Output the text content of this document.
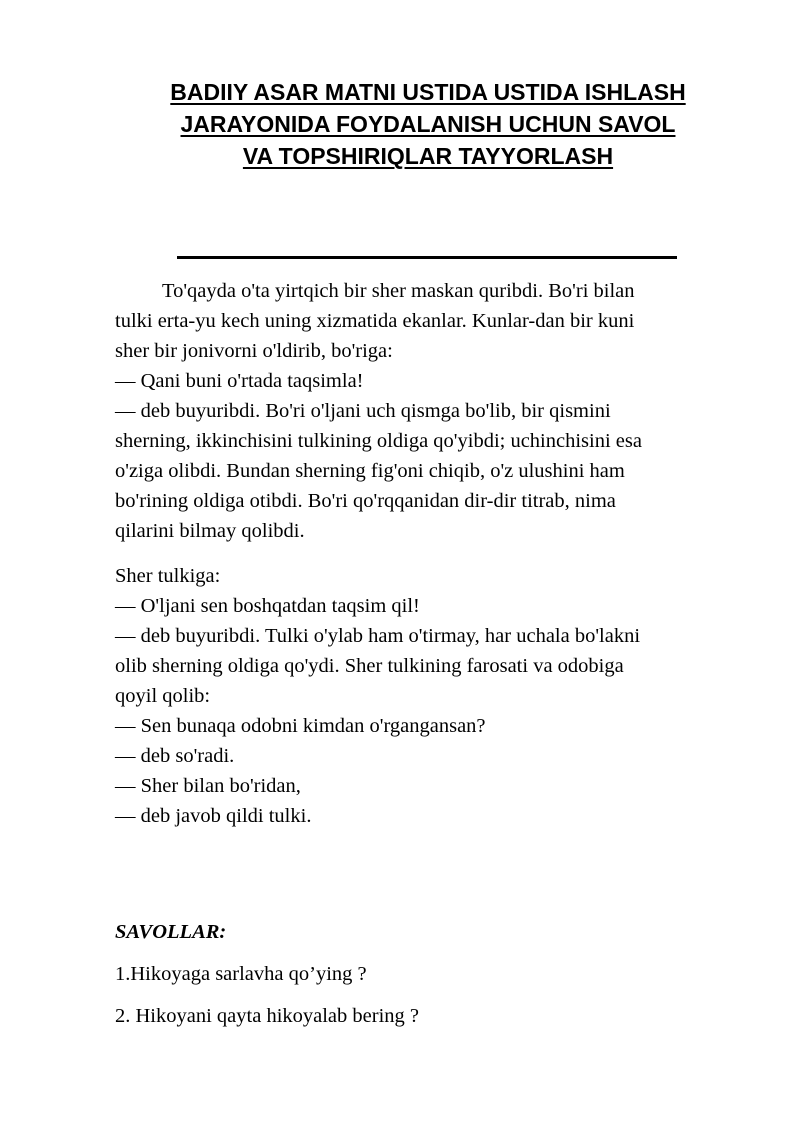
BADIIY ASAR MATNI USTIDA USTIDA ISHLASH
JARAYONIDA FOYDALANISH UCHUN SAVOL
VA TOPSHIRIQLAR TAYYORLASH

To'qayda o'ta yirtqich bir sher maskan quribdi. Bo'ri bilan
tulki erta-yu kech uning xizmatida ekanlar. Kunlar-dan bir kuni
sher bir jonivorni o'ldirib, bo'riga:
— Qani buni o'rtada taqsimla!
— deb buyuribdi. Bo'ri o'ljani uch qismga bo'lib, bir qismini
sherning, ikkinchisini tulkining oldiga qo'yibdi; uchinchisini esa
o'ziga olibdi. Bundan sherning fig'oni chiqib, o'z ulushini ham
bo'rining oldiga otibdi. Bo'ri qo'rqqanidan dir-dir titrab, nima
qilarini bilmay qolibdi.

Sher tulkiga:
— O'ljani sen boshqatdan taqsim qil!
— deb buyuribdi. Tulki o'ylab ham o'tirmay, har uchala bo'lakni
olib sherning oldiga qo'ydi. Sher tulkining farosati va odobiga
qoyil qolib:
— Sen bunaqa odobni kimdan o'rgangansan?
— deb so'radi.
— Sher bilan bo'ridan,
— deb javob qildi tulki.

SAVOLLAR:
1.Hikoyaga sarlavha qo’ying ?
2. Hikoyani qayta hikoyalab bering ?
